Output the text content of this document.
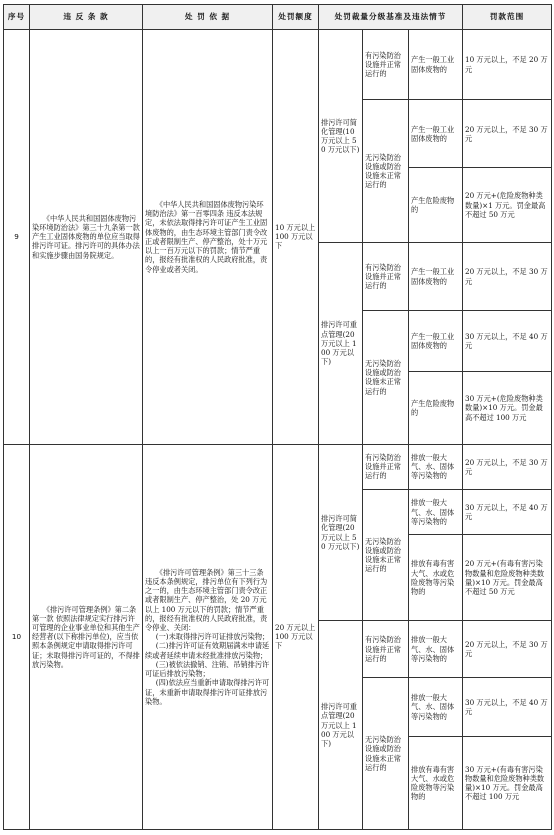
序号	违 反 条 款	处 罚 依 据	处罚额度	处罚裁量分级基准及违法情节			罚款范围
9	《中华人民共和国固体废物污染环境防治法》第三十九条第一款 产生工业固体废物的单位应当取得排污许可证。排污许可的具体办法和实施步骤由国务院规定。	《中华人民共和国固体废物污染环境防治法》第一百零四条 违反本法规定，未依法取得排污许可证产生工业固体废物的，由生态环境主管部门责令改正或者限制生产、停产整治，处十万元以上一百万元以下的罚款；情节严重的，报经有批准权的人民政府批准，责令停业或者关闭。	10 万元以上 100 万元以下	排污许可简化管理(10 万元以上 50 万元以下)	有污染防治设施并正常运行的	产生一般工业固体废物的	10 万元以上，不足 20 万元
					无污染防治设施或防治设施未正常运行的	产生一般工业固体废物的	20 万元以上，不足 30 万元
						产生危险废物的	20 万元+(危险废物种类数量)×1 万元。罚金最高不超过 50 万元
				排污许可重点管理(20 万元以上 100 万元以下)	有污染防治设施并正常运行的	产生一般工业固体废物的	20 万元以上，不足 30 万元
					无污染防治设施或防治设施未正常运行的	产生一般工业固体废物的	30 万元以上，不足 40 万元
						产生危险废物的	30 万元+(危险废物种类数量)×10 万元。罚金最高不超过 100 万元
10	《排污许可管理条例》第二条第一款 依照法律规定实行排污许可管理的企业事业单位和其他生产经营者(以下称排污单位)，应当依照本条例规定申请取得排污许可证；未取得排污许可证的，不得排放污染物。	《排污许可管理条例》第三十三条 违反本条例规定，排污单位有下列行为之一的，由生态环境主管部门责令改正或者限制生产、停产整治，处 20 万元以上 100 万元以下的罚款；情节严重的，报经有批准权的人民政府批准，责令停业、关闭：

(一)未取得排污许可证排放污染物；

(二)排污许可证有效期届满未申请延续或者延续申请未经批准排放污染物；

(三)被依法撤销、注销、吊销排污许可证后排放污染物；

(四)依法应当重新申请取得排污许可证，未重新申请取得排污许可证排放污染物。	20 万元以上 100 万元以下	排污许可简化管理(20 万元以上 50 万元以下)	有污染防治设施并正常运行的	排放一般大气、水、固体等污染物的	20 万元以上，不足 30 万元
					无污染防治设施或防治设施未正常运行的	排放一般大气、水、固体等污染物的	30 万元以上，不足 40 万元
						排放有毒有害大气、水或危险废物等污染物的	20 万元+(有毒有害污染物数量和危险废物种类数量)×10 万元。罚金最高不超过 50 万元
				排污许可重点管理(20 万元以上 100 万元以下)	有污染防治设施并正常运行的	排放一般大气、水、固体等污染物的	20 万元以上，不足 30 万元
					无污染防治设施或防治设施未正常运行的	排放一般大气、水、固体等污染物的	30 万元以上，不足 40 万元
						排放有毒有害大气、水或危险废物等污染物的	30 万元+(有毒有害污染物数量和危险废物种类数量)×10 万元。罚金最高不超过 100 万元
